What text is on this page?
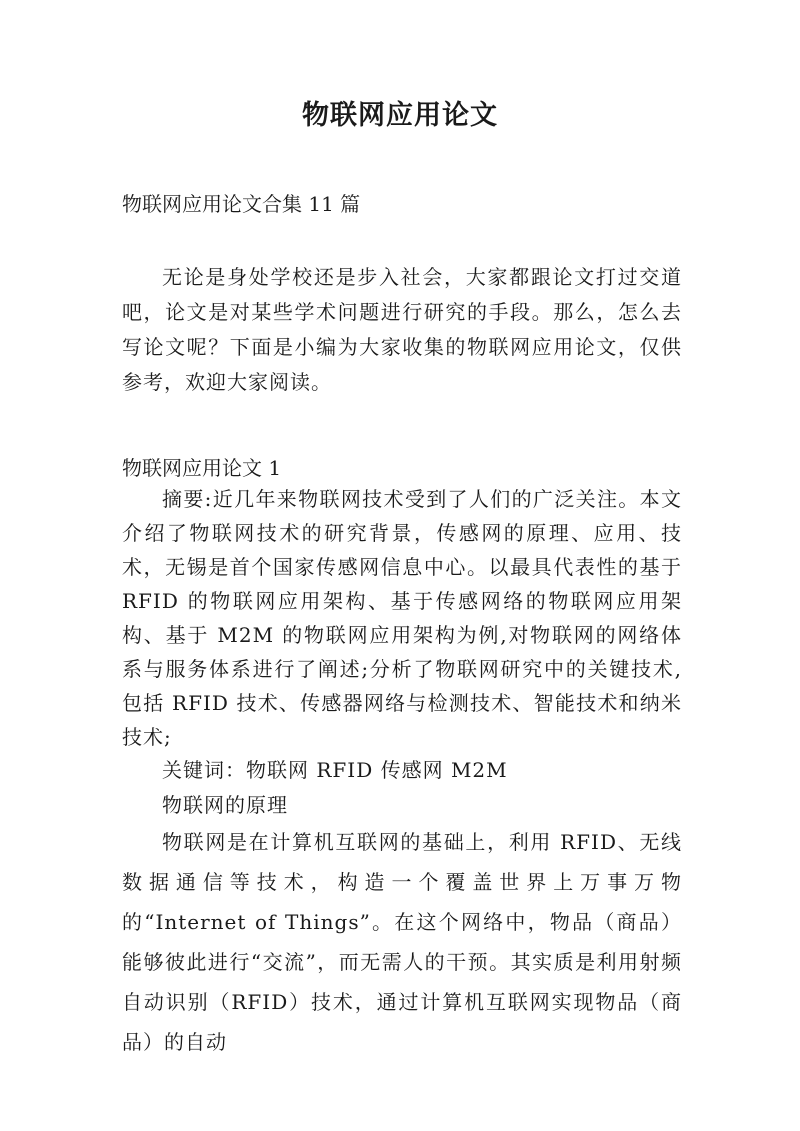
物联网应用论文
物联网应用论文合集 11 篇

无论是身处学校还是步入社会，大家都跟论文打过交道吧，论文是对某些学术问题进行研究的手段。那么，怎么去写论文呢？下面是小编为大家收集的物联网应用论文，仅供参考，欢迎大家阅读。

物联网应用论文 1

摘要:近几年来物联网技术受到了人们的广泛关注。本文介绍了物联网技术的研究背景，传感网的原理、应用、技术，无锡是首个国家传感网信息中心。以最具代表性的基于 RFID 的物联网应用架构、基于传感网络的物联网应用架构、基于 M2M 的物联网应用架构为例,对物联网的网络体系与服务体系进行了阐述;分析了物联网研究中的关键技术,包括 RFID 技术、传感器网络与检测技术、智能技术和纳米技术;

关键词：物联网 RFID 传感网 M2M
物联网的原理

物联网是在计算机互联网的基础上，利用 RFID、无线数据通信等技术，构造一个覆盖世界上万事万物的“Internet of Things”。在这个网络中，物品（商品）能够彼此进行“交流”，而无需人的干预。其实质是利用射频自动识别（RFID）技术，通过计算机互联网实现物品（商品）的自动
